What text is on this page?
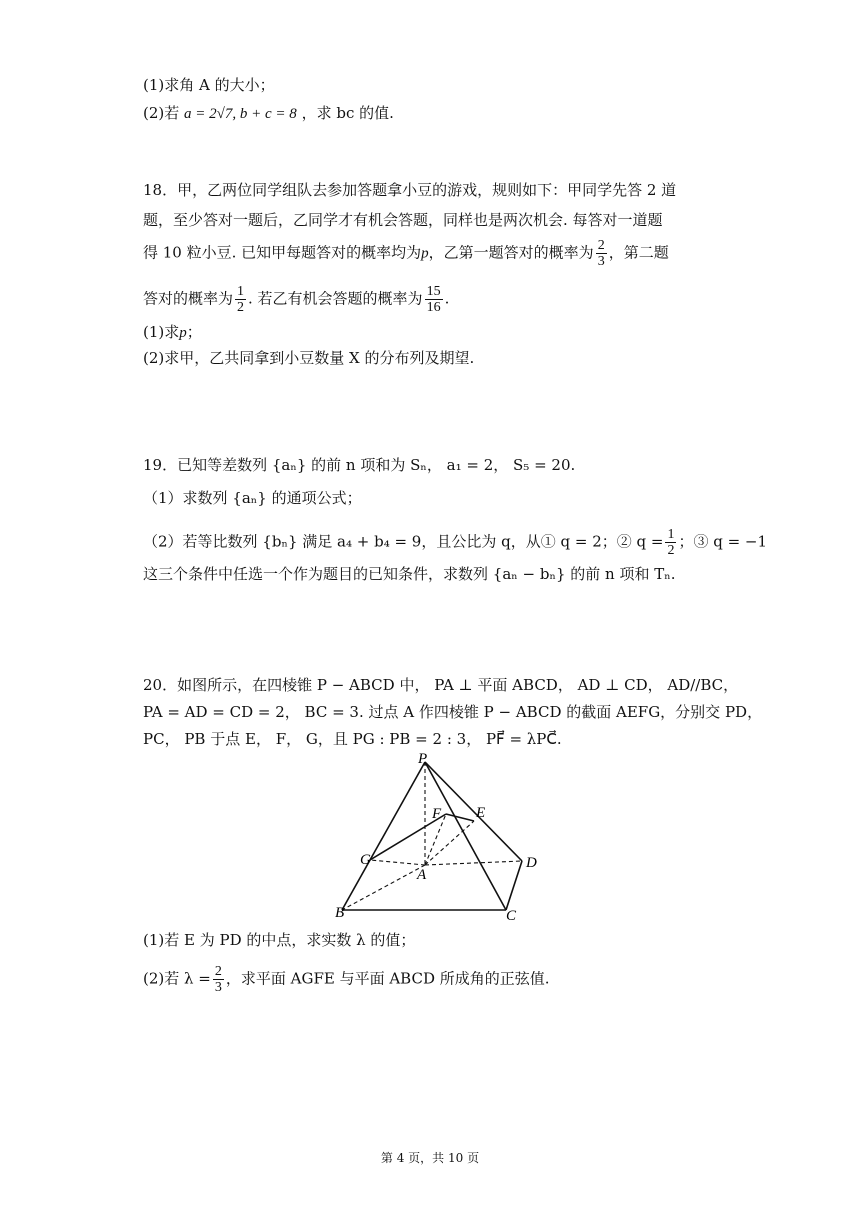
(1)求角 A 的大小；
(2)若 a = 2√7, b + c = 8 ，求 bc 的值.
18．甲，乙两位同学组队去参加答题拿小豆的游戏，规则如下：甲同学先答 2 道
题，至少答对一题后，乙同学才有机会答题，同样也是两次机会. 每答对一道题
得 10 粒小豆. 已知甲每题答对的概率均为p，乙第一题答对的概率为 $\frac{2}{3}$ ，第二题
答对的概率为 $\frac{1}{2}$ . 若乙有机会答题的概率为 $\frac{15}{16}$ .
(1)求p；
(2)求甲，乙共同拿到小豆数量 X 的分布列及期望.
19．已知等差数列 {aₙ} 的前 n 项和为 Sₙ， a₁ = 2， S₅ = 20.
（1）求数列 {aₙ} 的通项公式；
（2）若等比数列 {bₙ} 满足 a₄ + b₄ = 9，且公比为 q，从① q = 2；② $q = \frac{1}{2}$ ；③ q = −1
这三个条件中任选一个作为题目的已知条件，求数列 {aₙ − bₙ} 的前 n 项和 Tₙ.
20．如图所示，在四棱锥 P − ABCD 中， PA ⊥ 平面 ABCD， AD ⊥ CD， AD//BC，
PA = AD = CD = 2， BC = 3. 过点 A 作四棱锥 P − ABCD 的截面 AEFG，分别交 PD，
PC， PB 于点 E， F， G，且 PG : PB = 2 : 3， PF⃗ = λPC⃗.
P
E
F
G
A
D
B	C
(1)若 E 为 PD 的中点，求实数 λ 的值；
(2)若 $\lambda = \frac{2}{3}$ ，求平面 AGFE 与平面 ABCD 所成角的正弦值.
第 4 页，共 10 页
